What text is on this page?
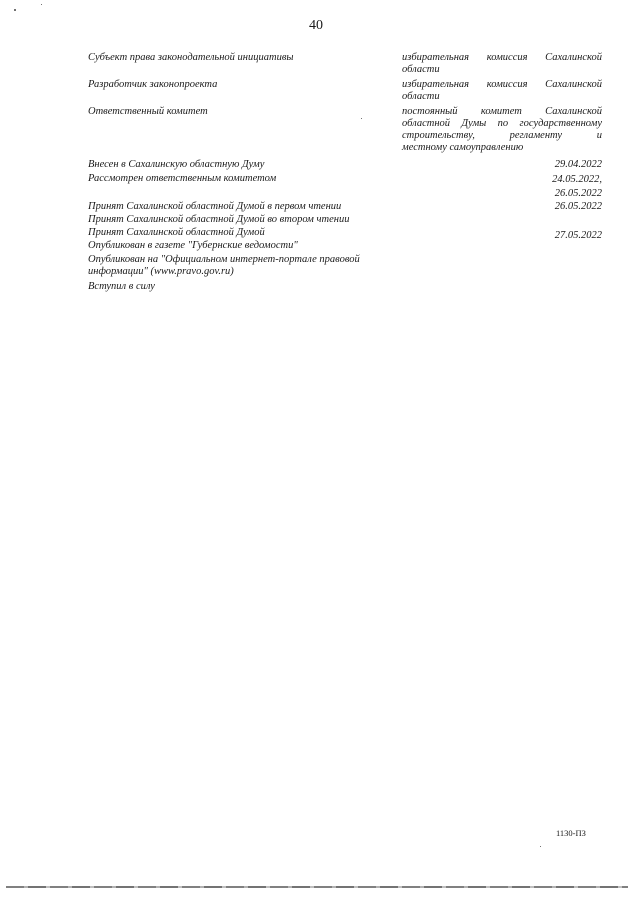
40
Субъект права законодательной инициативы	избирательная комиссия Сахалинской
области
Разработчик законопроекта	избирательная комиссия Сахалинской
области
Ответственный комитет	постоянный комитет Сахалинской
областной Думы по государственному
строительству, регламенту и
местному самоуправлению
Внесен в Сахалинскую областную Думу	29.04.2022
Рассмотрен ответственным комитетом	24.05.2022,
26.05.2022
Принят Сахалинской областной Думой в первом чтении	26.05.2022
Принят Сахалинской областной Думой во втором чтении
Принят Сахалинской областной Думой	27.05.2022
Опубликован в газете "Губернские ведомости"
Опубликован на "Официальном интернет-портале правовой информации" (www.pravo.gov.ru)
Вступил в силу
1130-ПЗ
